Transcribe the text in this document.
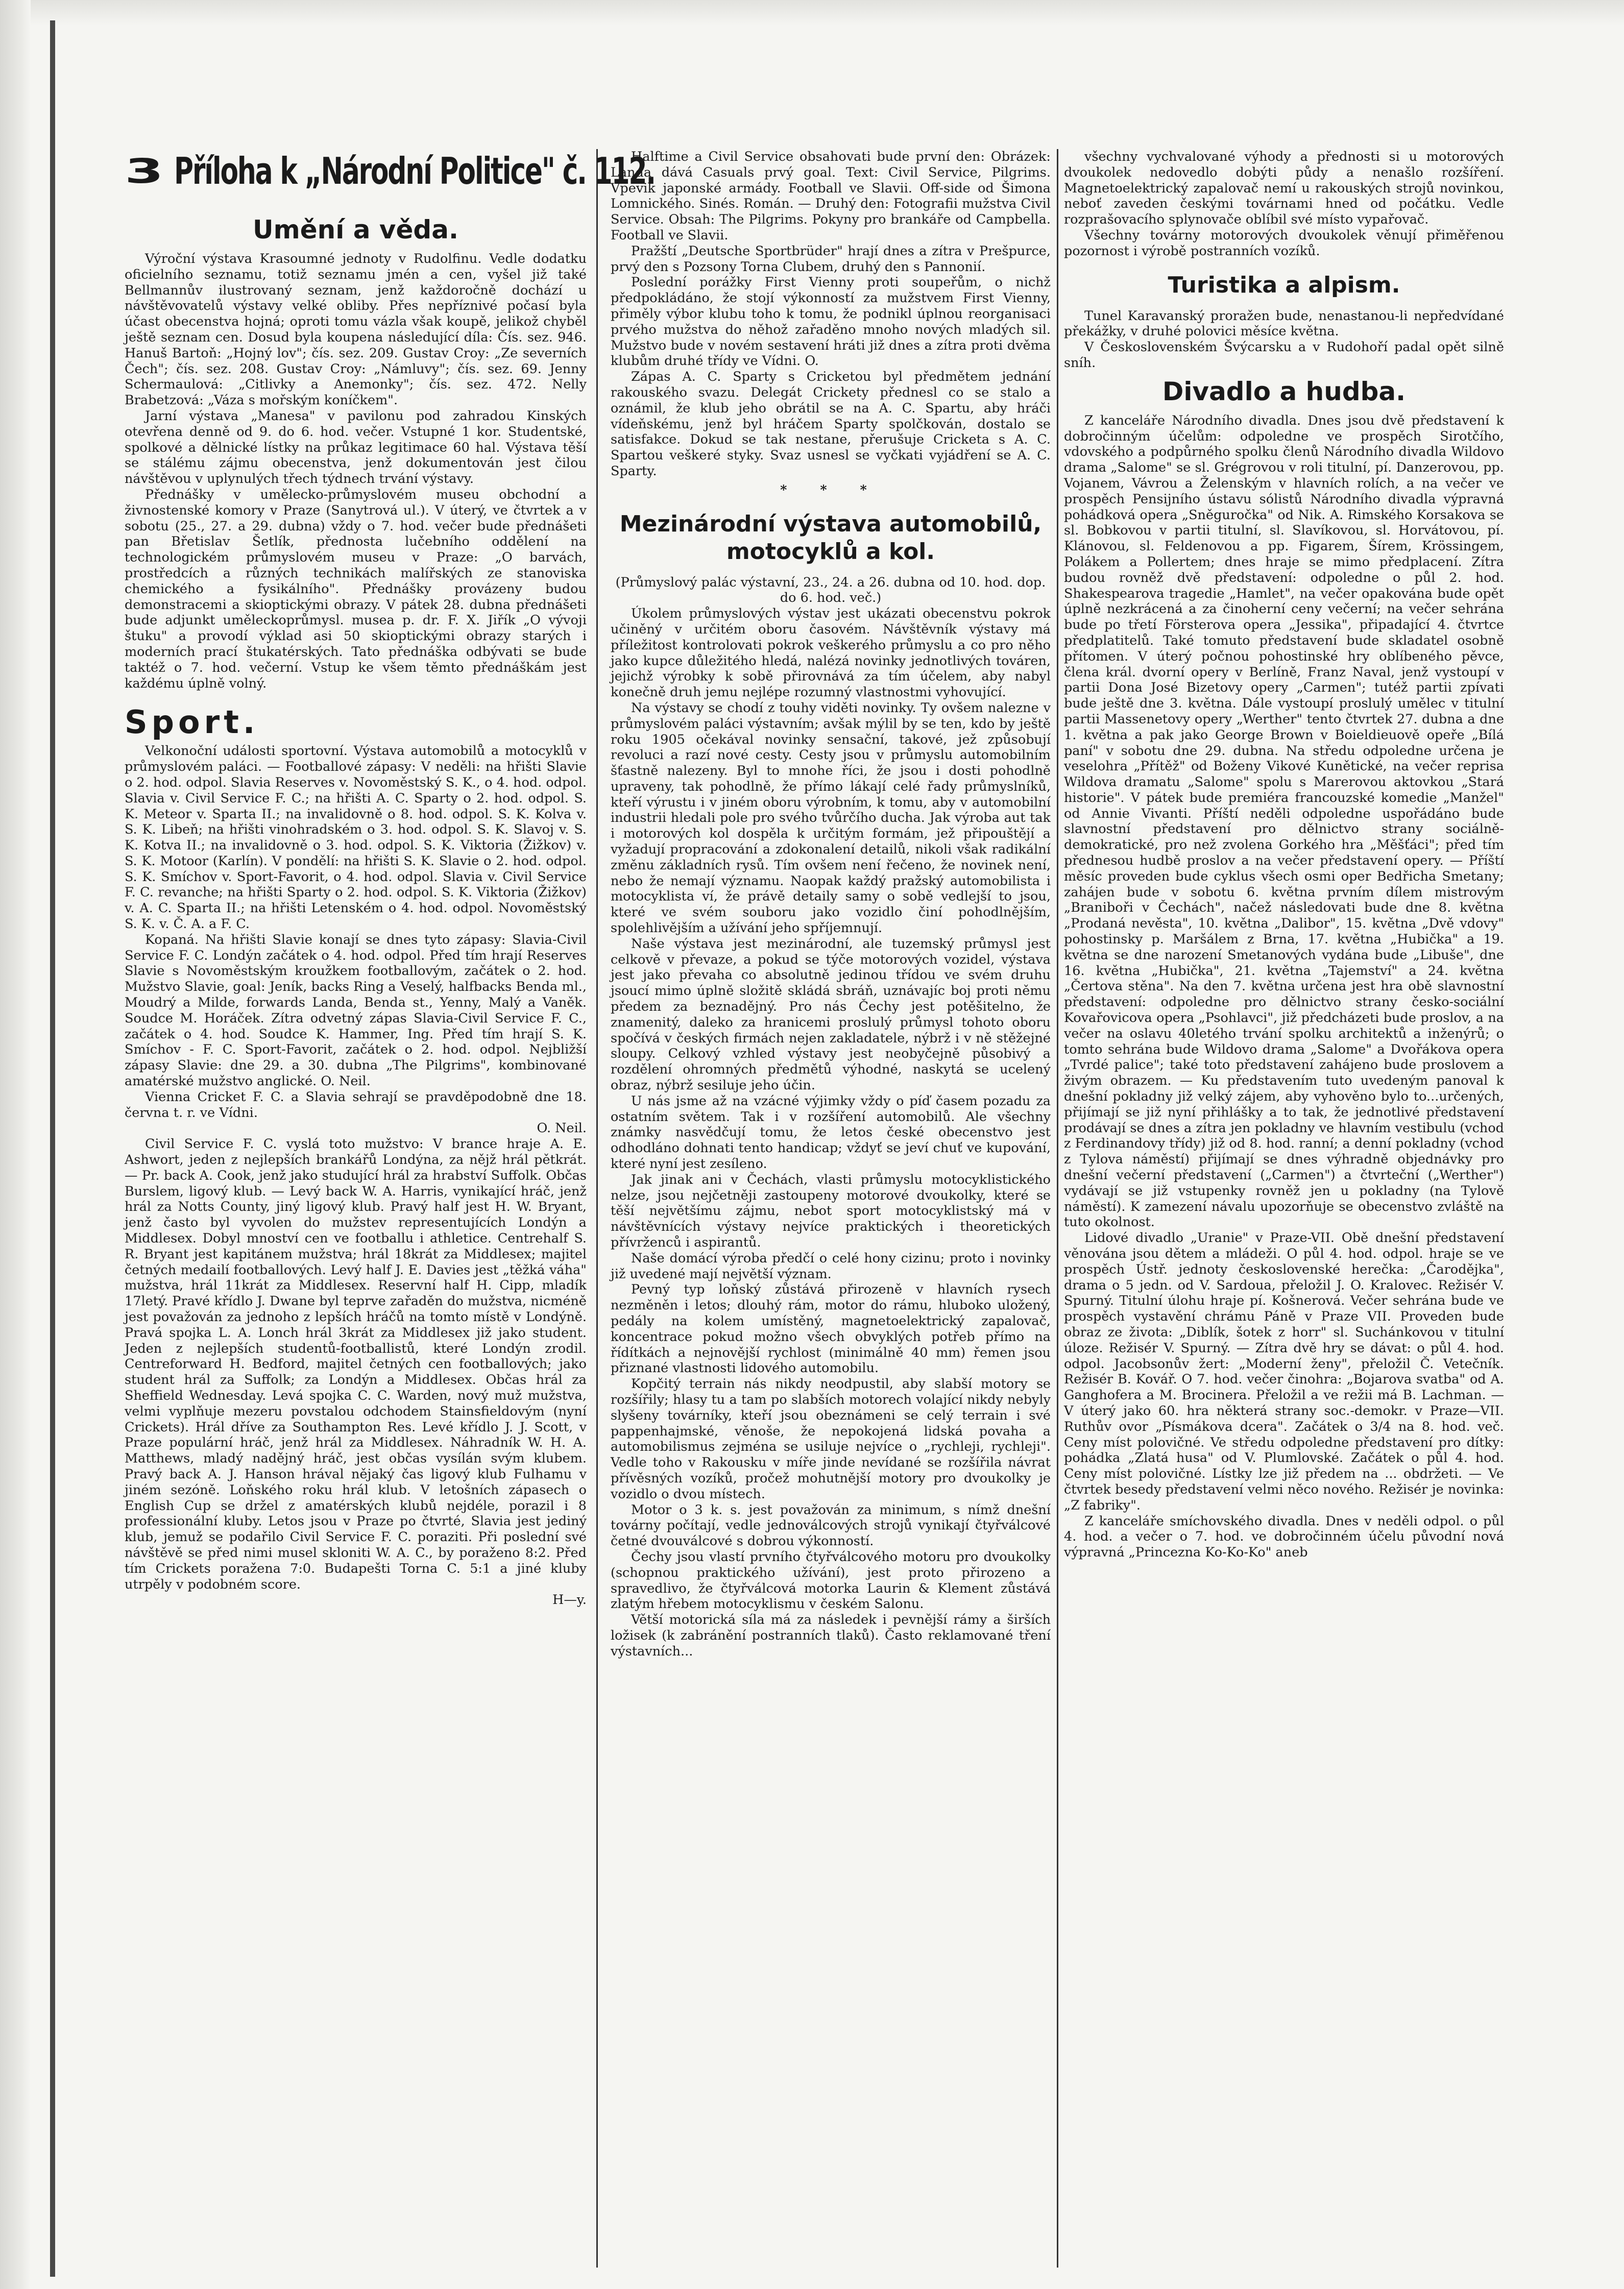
3 Příloha k „Národní Politice" č. 112.
Umění a věda.

Výroční výstava Krasoumné jednoty v Rudolfinu. Vedle dodatku oficielního seznamu, totiž seznamu jmén a cen, vyšel již také Bellmannův ilustrovaný seznam, jenž každoročně dochází u návštěvovatelů výstavy velké obliby. Přes nepříznivé počasí byla účast obecenstva hojná; oproti tomu vázla však koupě, jelikož chyběl ještě seznam cen. Dosud byla koupena následující díla: Čís. sez. 946. Hanuš Bartoň: „Hojný lov"; čís. sez. 209. Gustav Croy: „Ze severních Čech"; čís. sez. 208. Gustav Croy: „Námluvy"; čís. sez. 69. Jenny Schermaulová: „Citlivky a Anemonky"; čís. sez. 472. Nelly Brabetzová: „Váza s mořským koníčkem".

Jarní výstava „Manesa" v pavilonu pod zahradou Kinských otevřena denně od 9. do 6. hod. večer. Vstupné 1 kor. Studentské, spolkové a dělnické lístky na průkaz legitimace 60 hal. Výstava těší se stálému zájmu obecenstva, jenž dokumentován jest čilou návštěvou v uplynulých třech týdnech trvání výstavy.

Přednášky v umělecko-průmyslovém museu obchodní a živnostenské komory v Praze (Sanytrová ul.). V úterý, ve čtvrtek a v sobotu (25., 27. a 29. dubna) vždy o 7. hod. večer bude přednášeti pan Břetislav Šetlík, přednosta lučebního oddělení na technologickém průmyslovém museu v Praze: „O barvách, prostředcích a různých technikách malířských ze stanoviska chemického a fysikálního". Přednášky provázeny budou demonstracemi a skioptickými obrazy. V pátek 28. dubna přednášeti bude adjunkt uměleckoprůmysl. musea p. dr. F. X. Jiřík „O vývoji štuku" a provodí výklad asi 50 skioptickými obrazy starých i moderních prací štukatérských. Tato přednáška odbývati se bude taktéž o 7. hod. večerní. Vstup ke všem těmto přednáškám jest každému úplně volný.

Sport.

Velkonoční události sportovní. Výstava automobilů a motocyklů v průmyslovém paláci. — Footballové zápasy: V neděli: na hřišti Slavie o 2. hod. odpol. Slavia Reserves v. Novoměstský S. K., o 4. hod. odpol. Slavia v. Civil Service F. C.; na hřišti A. C. Sparty o 2. hod. odpol. S. K. Meteor v. Sparta II.; na invalidovně o 8. hod. odpol. S. K. Kolva v. S. K. Libeň; na hřišti vinohradském o 3. hod. odpol. S. K. Slavoj v. S. K. Kotva II.; na invalidovně o 3. hod. odpol. S. K. Viktoria (Žižkov) v. S. K. Motoor (Karlín). V pondělí: na hřišti S. K. Slavie o 2. hod. odpol. S. K. Smíchov v. Sport-Favorit, o 4. hod. odpol. Slavia v. Civil Service F. C. revanche; na hřišti Sparty o 2. hod. odpol. S. K. Viktoria (Žižkov) v. A. C. Sparta II.; na hřišti Letenském o 4. hod. odpol. Novoměstský S. K. v. Č. A. a F. C.

Kopaná. Na hřišti Slavie konají se dnes tyto zápasy: Slavia-Civil Service F. C. Londýn začátek o 4. hod. odpol. Před tím hrají Reserves Slavie s Novoměstským kroužkem footballovým, začátek o 2. hod. Mužstvo Slavie, goal: Jeník, backs Ring a Veselý, halfbacks Benda ml., Moudrý a Milde, forwards Landa, Benda st., Yenny, Malý a Vaněk. Soudce M. Horáček. Zítra odvetný zápas Slavia-Civil Service F. C., začátek o 4. hod. Soudce K. Hammer, Ing. Před tím hrají S. K. Smíchov - F. C. Sport-Favorit, začátek o 2. hod. odpol. Nejbližší zápasy Slavie: dne 29. a 30. dubna „The Pilgrims", kombinované amatérské mužstvo anglické. O. Neil.

Vienna Cricket F. C. a Slavia sehrají se pravděpodobně dne 18. června t. r. ve Vídni.

O. Neil.

Civil Service F. C. vyslá toto mužstvo: V brance hraje A. E. Ashwort, jeden z nejlepších brankářů Londýna, za nějž hrál pětkrát. — Pr. back A. Cook, jenž jako studující hrál za hrabství Suffolk. Občas Burslem, ligový klub. — Levý back W. A. Harris, vynikající hráč, jenž hrál za Notts County, jiný ligový klub. Pravý half jest H. W. Bryant, jenž často byl vyvolen do mužstev representujících Londýn a Middlesex. Dobyl mnoství cen ve footballu i athletice. Centrehalf S. R. Bryant jest kapitánem mužstva; hrál 18krát za Middlesex; majitel četných medailí footballových. Levý half J. E. Davies jest „těžká váha" mužstva, hrál 11krát za Middlesex. Reservní half H. Cipp, mladík 17letý. Pravé křídlo J. Dwane byl teprve zařaděn do mužstva, nicméně jest považován za jednoho z lepších hráčů na tomto místě v Londýně. Pravá spojka L. A. Lonch hrál 3krát za Middlesex již jako student. Jeden z nejlepších studentů-footballistů, které Londýn zrodil. Centreforward H. Bedford, majitel četných cen footballových; jako student hrál za Suffolk; za Londýn a Middlesex. Občas hrál za Sheffield Wednesday. Levá spojka C. C. Warden, nový muž mužstva, velmi vyplňuje mezeru povstalou odchodem Stainsfieldovým (nyní Crickets). Hrál dříve za Southampton Res. Levé křídlo J. J. Scott, v Praze populární hráč, jenž hrál za Middlesex. Náhradník W. H. A. Matthews, mladý nadějný hráč, jest občas vysílán svým klubem. Pravý back A. J. Hanson hrával nějaký čas ligový klub Fulhamu v jiném sezóně. Loňského roku hrál klub. V letošních zápasech o English Cup se držel z amatérských klubů nejdéle, porazil i 8 professionální kluby. Letos jsou v Praze po čtvrté, Slavia jest jediný klub, jemuž se podařilo Civil Service F. C. poraziti. Při poslední své návštěvě se před nimi musel skloniti W. A. C., by poraženo 8:2. Před tím Crickets poražena 7:0. Budapešti Torna C. 5:1 a jiné kluby utrpěly v podobném score.

H—y.

Halftime a Civil Service obsahovati bude první den: Obrázek: Landa dává Casuals prvý goal. Text: Civil Service, Pilgrims. Vpevik japonské armády. Football ve Slavii. Off-side od Šimona Lomnického. Sinés. Román. — Druhý den: Fotografii mužstva Civil Service. Obsah: The Pilgrims. Pokyny pro brankáře od Campbella. Football ve Slavii.

Pražští „Deutsche Sportbrüder" hrají dnes a zítra v Prešpurce, prvý den s Pozsony Torna Clubem, druhý den s Pannonií.

Poslední porážky First Vienny proti soupeřům, o nichž předpokládáno, že stojí výkonností za mužstvem First Vienny, přiměly výbor klubu toho k tomu, že podnikl úplnou reorganisaci prvého mužstva do něhož zařaděno mnoho nových mladých sil. Mužstvo bude v novém sestavení hráti již dnes a zítra proti dvěma klubům druhé třídy ve Vídni. O.

Zápas A. C. Sparty s Cricketou byl předmětem jednání rakouského svazu. Delegát Crickety přednesl co se stalo a oznámil, že klub jeho obrátil se na A. C. Spartu, aby hráči vídeňskému, jenž byl hráčem Sparty spolčkován, dostalo se satisfakce. Dokud se tak nestane, přerušuje Cricketa s A. C. Spartou veškeré styky. Svaz usnesl se vyčkati vyjádření se A. C. Sparty.

* * *
Mezinárodní výstava automobilů, motocyklů a kol.
(Průmyslový palác výstavní, 23., 24. a 26. dubna od 10. hod. dop. do 6. hod. več.)

Úkolem průmyslových výstav jest ukázati obecenstvu pokrok učiněný v určitém oboru časovém. Návštěvník výstavy má příležitost kontrolovati pokrok veškerého průmyslu a co pro něho jako kupce důležitého hledá, nalézá novinky jednotlivých továren, jejichž výrobky k sobě přirovnává za tím účelem, aby nabyl konečně druh jemu nejlépe rozumný vlastnostmi vyhovující.

Na výstavy se chodí z touhy viděti novinky. Ty ovšem nalezne v průmyslovém paláci výstavním; avšak mýlil by se ten, kdo by ještě roku 1905 očekával novinky sensační, takové, jež způsobují revoluci a razí nové cesty. Cesty jsou v průmyslu automobilním šťastně nalezeny. Byl to mnohe říci, že jsou i dosti pohodlně upraveny, tak pohodlně, že přímo lákají celé řady průmyslníků, kteří výrustu i v jiném oboru výrobním, k tomu, aby v automobilní industrii hledali pole pro svého tvůrčího ducha. Jak výroba aut tak i motorových kol dospěla k určitým formám, jež připouštějí a vyžadují propracování a zdokonalení detailů, nikoli však radikální změnu základních rysů. Tím ovšem není řečeno, že novinek není, nebo že nemají významu. Naopak každý pražský automobilista i motocyklista ví, že právě detaily samy o sobě vedlejší to jsou, které ve svém souboru jako vozidlo činí pohodlnějším, spolehlivějším a užívání jeho spříjemnují.

Naše výstava jest mezinárodní, ale tuzemský průmysl jest celkově v převaze, a pokud se týče motorových vozidel, výstava jest jako převaha co absolutně jedinou třídou ve svém druhu jsoucí mimo úplně složitě skládá sbráň, uznávajíc boj proti němu předem za beznadějný. Pro nás Čechy jest potěšitelno, že znamenitý, daleko za hranicemi proslulý průmysl tohoto oboru spočívá v českých firmách nejen zakladatele, nýbrž i v ně stěžejné sloupy. Celkový vzhled výstavy jest neobyčejně působivý a rozdělení ohromných předmětů výhodné, naskytá se ucelený obraz, nýbrž sesiluje jeho účin.

U nás jsme až na vzácné výjimky vždy o píď časem pozadu za ostatním světem. Tak i v rozšíření automobilů. Ale všechny známky nasvědčují tomu, že letos české obecenstvo jest odhodláno dohnati tento handicap; vždyť se jeví chuť ve kupování, které nyní jest zesíleno.

Jak jinak ani v Čechách, vlasti průmyslu motocyklistického nelze, jsou nejčetněji zastoupeny motorové dvoukolky, které se těší největšímu zájmu, nebot sport motocyklistský má v návštěvnících výstavy nejvíce praktických i theoretických přívrženců i aspirantů.

Naše domácí výroba předčí o celé hony cizinu; proto i novinky již uvedené mají největší význam.

Pevný typ loňský zůstává přirozeně v hlavních rysech nezměněn i letos; dlouhý rám, motor do rámu, hluboko uložený, pedály na kolem umístěný, magnetoelektrický zapalovač, koncentrace pokud možno všech obvyklých potřeb přímo na řídítkách a nejnovější rychlost (minimálně 40 mm) řemen jsou přiznané vlastnosti lidového automobilu.

Kopčitý terrain nás nikdy neodpustil, aby slabší motory se rozšířily; hlasy tu a tam po slabších motorech volající nikdy nebyly slyšeny továrníky, kteří jsou obeznámeni se celý terrain i své pappenhajmské, věnoše, že nepokojená lidská povaha a automobilismus zejména se usiluje nejvíce o „rychleji, rychleji". Vedle toho v Rakousku v míře jinde nevídané se rozšířila návrat přívěsných vozíků, pročež mohutnější motory pro dvoukolky je vozidlo o dvou místech.

Motor o 3 k. s. jest považován za minimum, s nímž dnešní továrny počítají, vedle jednoválcových strojů vynikají čtyřválcové četné dvouválcové s dobrou výkonností.

Čechy jsou vlastí prvního čtyřválcového motoru pro dvoukolky (schopnou praktického užívání), jest proto přirozeno a spravedlivo, že čtyřválcová motorka Laurin & Klement zůstává zlatým hřebem motocyklismu v českém Salonu.

Větší motorická síla má za následek i pevnější rámy a širších ložisek (k zabránění postranních tlaků). Často reklamované tření výstavních...

všechny vychvalované výhody a přednosti si u motorových dvoukolek nedovedlo dobýti půdy a nenašlo rozšíření. Magnetoelektrický zapalovač nemí u rakouských strojů novinkou, neboť zaveden českými továrnami hned od počátku. Vedle rozprašovacího splynovače oblíbil své místo vypařovač.

Všechny továrny motorových dvoukolek věnují přiměřenou pozornost i výrobě postranních vozíků.

Turistika a alpism.

Tunel Karavanský proražen bude, nenastanou-li nepředvídané překážky, v druhé polovici měsíce května.

V Československém Švýcarsku a v Rudohoří padal opět silně sníh.

Divadlo a hudba.

Z kanceláře Národního divadla. Dnes jsou dvě představení k dobročinným účelům: odpoledne ve prospěch Sirotčího, vdovského a podpůrného spolku členů Národního divadla Wildovo drama „Salome" se sl. Grégrovou v roli titulní, pí. Danzerovou, pp. Vojanem, Vávrou a Želenským v hlavních rolích, a na večer ve prospěch Pensijního ústavu sólistů Národního divadla výpravná pohádková opera „Sněguročka" od Nik. A. Rimského Korsakova se sl. Bobkovou v partii titulní, sl. Slavíkovou, sl. Horvátovou, pí. Klánovou, sl. Feldenovou a pp. Figarem, Šírem, Krössingem, Polákem a Pollertem; dnes hraje se mimo předplacení. Zítra budou rovněž dvě představení: odpoledne o půl 2. hod. Shakespearova tragedie „Hamlet", na večer opakována bude opět úplně nezkrácená a za činoherní ceny večerní; na večer sehrána bude po třetí Försterova opera „Jessika", připadající 4. čtvrtce předplatitelů. Také tomuto představení bude skladatel osobně přítomen. V úterý počnou pohostinské hry oblíbeného pěvce, člena král. dvorní opery v Berlíně, Franz Naval, jenž vystoupí v partii Dona José Bizetovy opery „Carmen"; tutéž partii zpívati bude ještě dne 3. května. Dále vystoupí proslulý umělec v titulní partii Massenetovy opery „Werther" tento čtvrtek 27. dubna a dne 1. května a pak jako George Brown v Boieldieuově opeře „Bílá paní" v sobotu dne 29. dubna. Na středu odpoledne určena je veselohra „Přítěž" od Boženy Vikové Kunětické, na večer reprisa Wildova dramatu „Salome" spolu s Marerovou aktovkou „Stará historie". V pátek bude premiéra francouzské komedie „Manžel" od Annie Vivanti. Příští neděli odpoledne uspořádáno bude slavnostní představení pro dělnictvo strany sociálně-demokratické, pro než zvolena Gorkého hra „Měšťáci"; před tím přednesou hudbě proslov a na večer představení opery. — Příští měsíc proveden bude cyklus všech osmi oper Bedřicha Smetany; zahájen bude v sobotu 6. května prvním dílem mistrovým „Braniboři v Čechách", načež následovati bude dne 8. května „Prodaná nevěsta", 10. května „Dalibor", 15. května „Dvě vdovy" pohostinsky p. Maršálem z Brna, 17. května „Hubička" a 19. května se dne narození Smetanových vydána bude „Libuše", dne 16. května „Hubička", 21. května „Tajemství" a 24. května „Čertova stěna". Na den 7. května určena jest hra obě slavnostní představení: odpoledne pro dělnictvo strany česko-sociální Kovařovicova opera „Psohlavci", již předcházeti bude proslov, a na večer na oslavu 40letého trvání spolku architektů a inženýrů; o tomto sehrána bude Wildovo drama „Salome" a Dvořákova opera „Tvrdé palice"; také toto představení zahájeno bude proslovem a živým obrazem. — Ku představením tuto uvedeným panoval k dnešní pokladny již velký zájem, aby vyhověno bylo to...určených, přijímají se již nyní přihlášky a to tak, že jednotlivé představení prodávají se dnes a zítra jen pokladny ve hlavním vestibulu (vchod z Ferdinandovy třídy) již od 8. hod. ranní; a denní pokladny (vchod z Tylova náměstí) přijímají se dnes výhradně objednávky pro dnešní večerní představení („Carmen") a čtvrteční („Werther") vydávají se již vstupenky rovněž jen u pokladny (na Tylově náměstí). K zamezení návalu upozorňuje se obecenstvo zvláště na tuto okolnost.

Lidové divadlo „Uranie" v Praze-VII. Obě dnešní představení věnována jsou dětem a mládeži. O půl 4. hod. odpol. hraje se ve prospěch Ústř. jednoty československé herečka: „Čarodějka", drama o 5 jedn. od V. Sardoua, přeložil J. O. Kralovec. Režisér V. Spurný. Titulní úlohu hraje pí. Košnerová. Večer sehrána bude ve prospěch vystavění chrámu Páně v Praze VII. Proveden bude obraz ze života: „Diblík, šotek z horr" sl. Suchánkovou v titulní úloze. Režisér V. Spurný. — Zítra dvě hry se dávat: o půl 4. hod. odpol. Jacobsonův žert: „Moderní ženy", přeložil Č. Vetečník. Režisér B. Kovář. O 7. hod. večer činohra: „Bojarova svatba" od A. Ganghofera a M. Brocinera. Přeložil a ve režii má B. Lachman. — V úterý jako 60. hra některá strany soc.-demokr. v Praze—VII. Ruthův ovor „Písmákova dcera". Začátek o 3/4 na 8. hod. več. Ceny míst polovičné. Ve středu odpoledne představení pro dítky: pohádka „Zlatá husa" od V. Plumlovské. Začátek o půl 4. hod. Ceny míst polovičné. Lístky lze již předem na ... obdržeti. — Ve čtvrtek besedy představení velmi něco nového. Režisér je novinka: „Z fabriky".

Z kanceláře smíchovského divadla. Dnes v neděli odpol. o půl 4. hod. a večer o 7. hod. ve dobročinném účelu původní nová výpravná „Princezna Ko-Ko-Ko" aneb
